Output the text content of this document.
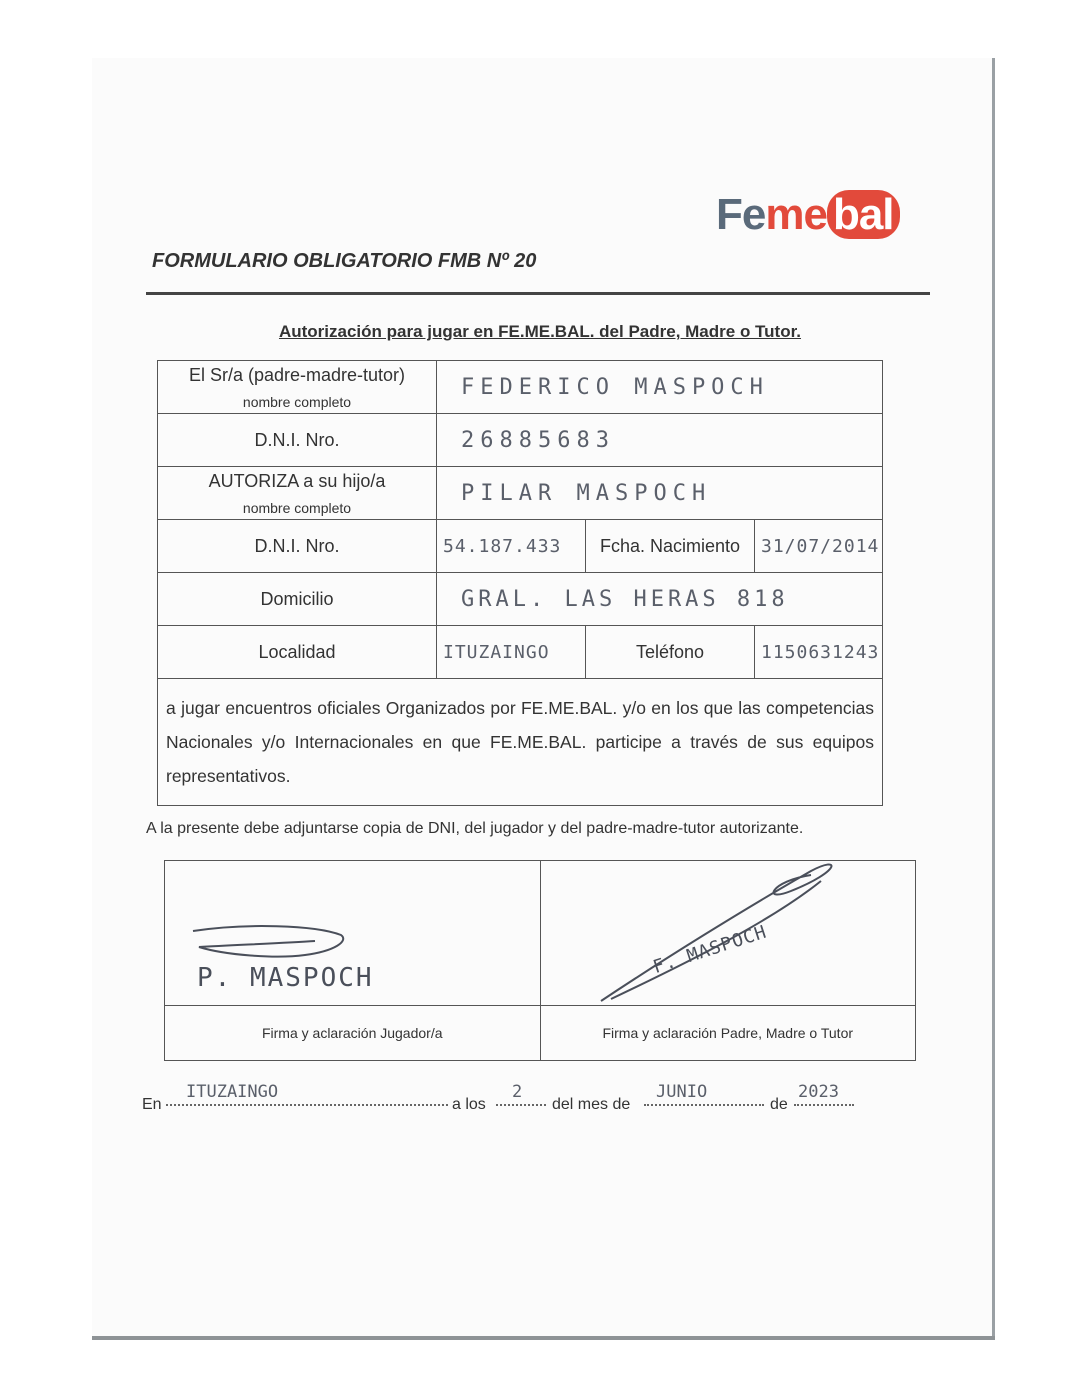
Feme bal
FORMULARIO OBLIGATORIO FMB Nº 20
Autorización para jugar en FE.ME.BAL. del Padre, Madre o Tutor.
El Sr/a (padre-madre-tutor)
nombre completo	FEDERICO MASPOCH		
D.N.I. Nro.	26885683		
AUTORIZA a su hijo/a
nombre completo	PILAR MASPOCH		
D.N.I. Nro.	54.187.433	Fcha. Nacimiento	31/07/2014
Domicilio	GRAL. LAS HERAS 818		
Localidad	ITUZAINGO	Teléfono	1150631243
a jugar encuentros oficiales Organizados por FE.ME.BAL. y/o en los que las competencias Nacionales y/o Internacionales en que FE.ME.BAL. participe a través de sus equipos representativos.			
A la presente debe adjuntarse copia de DNI, del jugador y del padre-madre-tutor autorizante.
P. MASPOCH	F. MASPOCH

Firma y aclaración Jugador/a	Firma y aclaración Padre, Madre o Tutor
En
ITUZAINGO
a los
2
del mes de
JUNIO
de
2023
